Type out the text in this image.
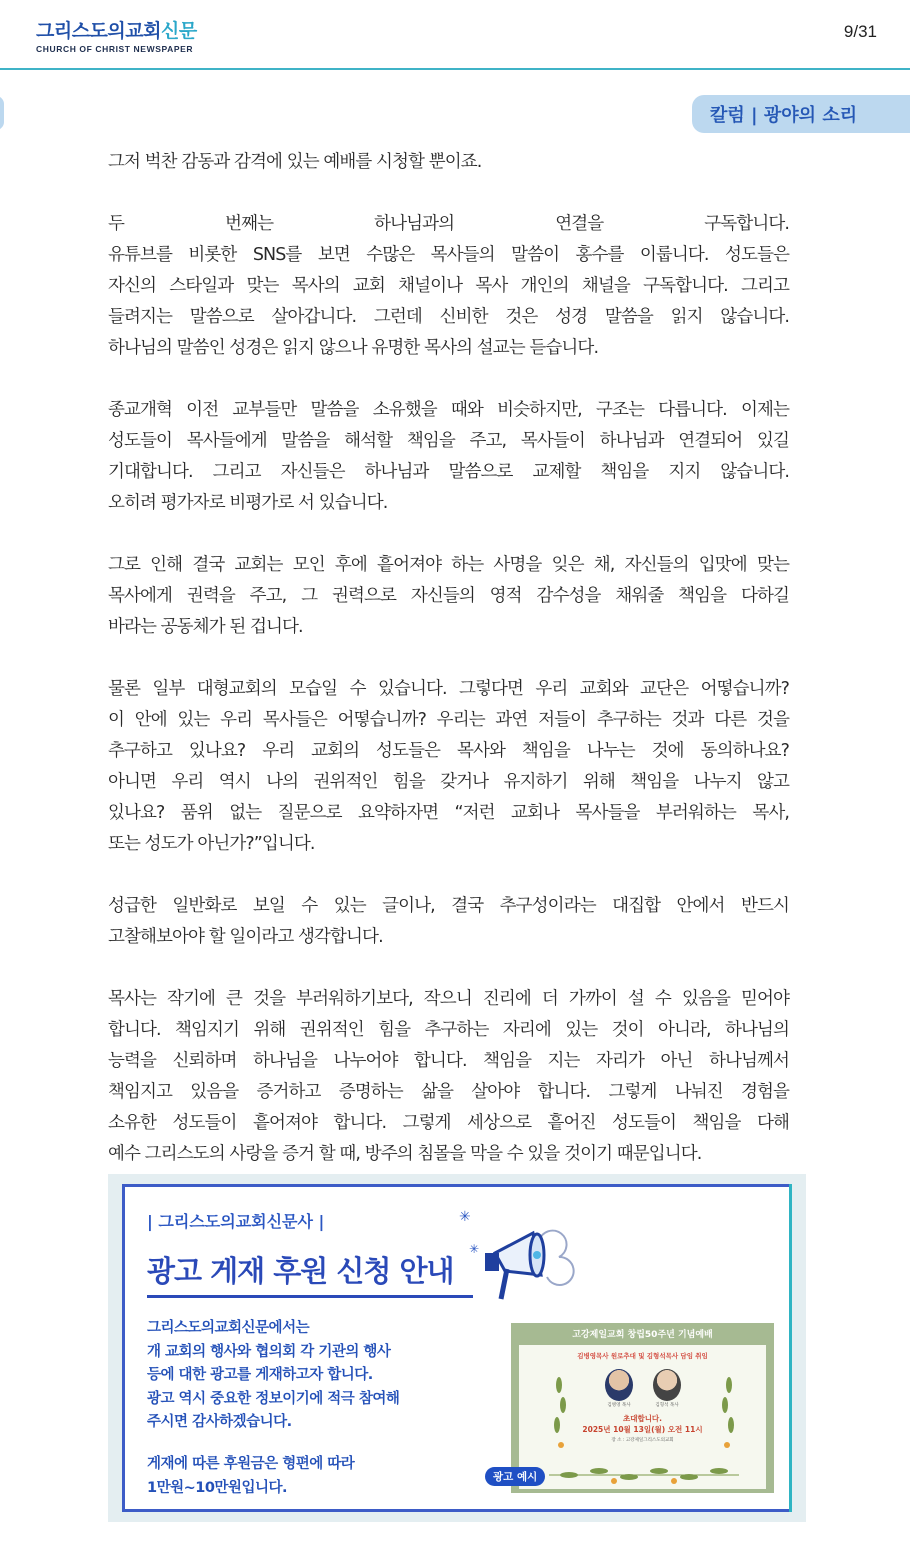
그리스도의교회신문
CHURCH OF CHRIST NEWSPAPER
9/31
칼럼 | 광야의 소리
그저 벅찬 감동과 감격에 있는 예배를 시청할 뿐이죠.
두 번째는 하나님과의 연결을 구독합니다.
유튜브를 비롯한 SNS를 보면 수많은 목사들의 말씀이 홍수를 이룹니다. 성도들은
자신의 스타일과 맞는 목사의 교회 채널이나 목사 개인의 채널을 구독합니다. 그리고
들려지는 말씀으로 살아갑니다. 그런데 신비한 것은 성경 말씀을 읽지 않습니다.
하나님의 말씀인 성경은 읽지 않으나 유명한 목사의 설교는 듣습니다.
종교개혁 이전 교부들만 말씀을 소유했을 때와 비슷하지만, 구조는 다릅니다. 이제는
성도들이 목사들에게 말씀을 해석할 책임을 주고, 목사들이 하나님과 연결되어 있길
기대합니다. 그리고 자신들은 하나님과 말씀으로 교제할 책임을 지지 않습니다.
오히려 평가자로 비평가로 서 있습니다.
그로 인해 결국 교회는 모인 후에 흩어져야 하는 사명을 잊은 채, 자신들의 입맛에 맞는
목사에게 권력을 주고, 그 권력으로 자신들의 영적 감수성을 채워줄 책임을 다하길
바라는 공동체가 된 겁니다.
물론 일부 대형교회의 모습일 수 있습니다. 그렇다면 우리 교회와 교단은 어떻습니까?
이 안에 있는 우리 목사들은 어떻습니까? 우리는 과연 저들이 추구하는 것과 다른 것을
추구하고 있나요? 우리 교회의 성도들은 목사와 책임을 나누는 것에 동의하나요?
아니면 우리 역시 나의 권위적인 힘을 갖거나 유지하기 위해 책임을 나누지 않고
있나요? 품위 없는 질문으로 요약하자면 “저런 교회나 목사들을 부러워하는 목사,
또는 성도가 아닌가?”입니다.
성급한 일반화로 보일 수 있는 글이나, 결국 추구성이라는 대집합 안에서 반드시
고찰해보아야 할 일이라고 생각합니다.
목사는 작기에 큰 것을 부러워하기보다, 작으니 진리에 더 가까이 설 수 있음을 믿어야
합니다. 책임지기 위해 권위적인 힘을 추구하는 자리에 있는 것이 아니라, 하나님의
능력을 신뢰하며 하나님을 나누어야 합니다. 책임을 지는 자리가 아닌 하나님께서
책임지고 있음을 증거하고 증명하는 삶을 살아야 합니다. 그렇게 나눠진 경험을
소유한 성도들이 흩어져야 합니다. 그렇게 세상으로 흩어진 성도들이 책임을 다해
예수 그리스도의 사랑을 증거 할 때, 방주의 침몰을 막을 수 있을 것이기 때문입니다.
| 그리스도의교회신문사 |
광고 게재 후원 신청 안내
✳
✳
그리스도의교회신문에서는
개 교회의 행사와 협의회 각 기관의 행사
등에 대한 광고를 게재하고자 합니다.
광고 역시 중요한 정보이기에 적극 참여해
주시면 감사하겠습니다.
게재에 따른 후원금은 형편에 따라
1만원~10만원입니다.
고강제일교회 창립50주년 기념예배
김병영목사 원로추대 및 김형석목사 담임 취임
김병영 목사	김형석 목사
초대합니다.
2025년 10월 13일(월) 오전 11시
장 소 : 고강제일그리스도의교회
광고 예시
